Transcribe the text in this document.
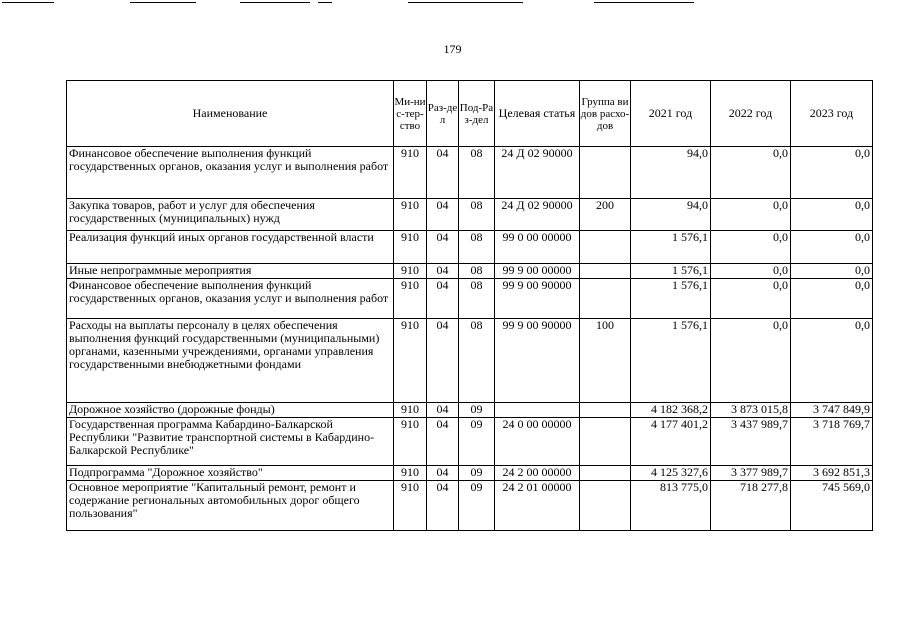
179
Наименование	Ми-нис-тер-ство	Раз-дел	Под-Раз-дел	Целевая статья	Группа видов расхо-дов	2021 год	2022 год	2023 год
Финансовое обеспечение выполнения функций государственных органов, оказания услуг и выполнения работ	910	04	08	24 Д 02 90000		94,0	0,0	0,0
Закупка товаров, работ и услуг для обеспечения государственных (муниципальных) нужд	910	04	08	24 Д 02 90000	200	94,0	0,0	0,0
Реализация функций иных органов государственной власти	910	04	08	99 0 00 00000		1 576,1	0,0	0,0
Иные непрограммные мероприятия	910	04	08	99 9 00 00000		1 576,1	0,0	0,0
Финансовое обеспечение выполнения функций государственных органов, оказания услуг и выполнения работ	910	04	08	99 9 00 90000		1 576,1	0,0	0,0
Расходы на выплаты персоналу в целях обеспечения выполнения функций государственными (муниципальными) органами, казенными учреждениями, органами управления государственными внебюджетными фондами	910	04	08	99 9 00 90000	100	1 576,1	0,0	0,0
Дорожное хозяйство (дорожные фонды)	910	04	09			4 182 368,2	3 873 015,8	3 747 849,9
Государственная программа Кабардино-Балкарской Республики "Развитие транспортной системы в Кабардино-Балкарской Республике"	910	04	09	24 0 00 00000		4 177 401,2	3 437 989,7	3 718 769,7
Подпрограмма "Дорожное хозяйство"	910	04	09	24 2 00 00000		4 125 327,6	3 377 989,7	3 692 851,3
Основное мероприятие "Капитальный ремонт, ремонт и содержание региональных автомобильных дорог общего пользования"	910	04	09	24 2 01 00000		813 775,0	718 277,8	745 569,0
